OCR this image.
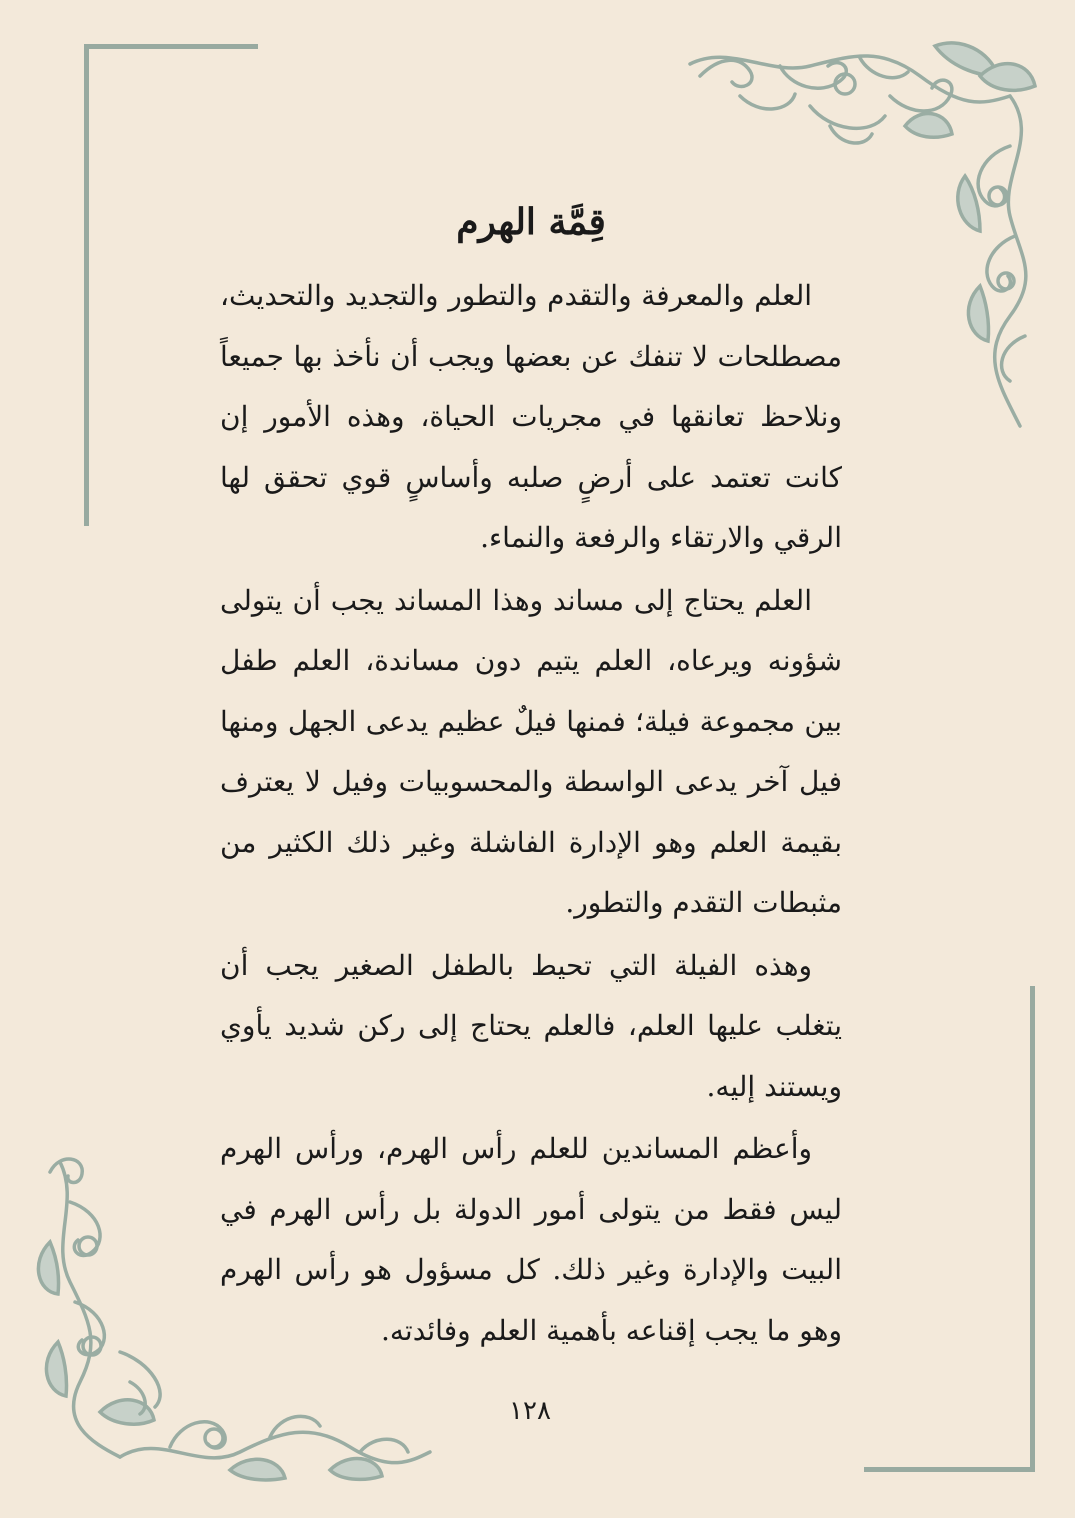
قِمَّة الهرم

العلم والمعرفة والتقدم والتطور والتجديد والتحديث، مصطلحات لا تنفك عن بعضها ويجب أن نأخذ بها جميعاً ونلاحظ تعانقها في مجريات الحياة، وهذه الأمور إن كانت تعتمد على أرضٍ صلبه وأساسٍ قوي تحقق لها الرقي والارتقاء والرفعة والنماء.

العلم يحتاج إلى مساند وهذا المساند يجب أن يتولى شؤونه ويرعاه، العلم يتيم دون مساندة، العلم طفل بين مجموعة فيلة؛ فمنها فيلٌ عظيم يدعى الجهل ومنها فيل آخر يدعى الواسطة والمحسوبيات وفيل لا يعترف بقيمة العلم وهو الإدارة الفاشلة وغير ذلك الكثير من مثبطات التقدم والتطور.

وهذه الفيلة التي تحيط بالطفل الصغير يجب أن يتغلب عليها العلم، فالعلم يحتاج إلى ركن شديد يأوي ويستند إليه.

وأعظم المساندين للعلم رأس الهرم، ورأس الهرم ليس فقط من يتولى أمور الدولة بل رأس الهرم في البيت والإدارة وغير ذلك. كل مسؤول هو رأس الهرم وهو ما يجب إقناعه بأهمية العلم وفائدته.

١٢٨
